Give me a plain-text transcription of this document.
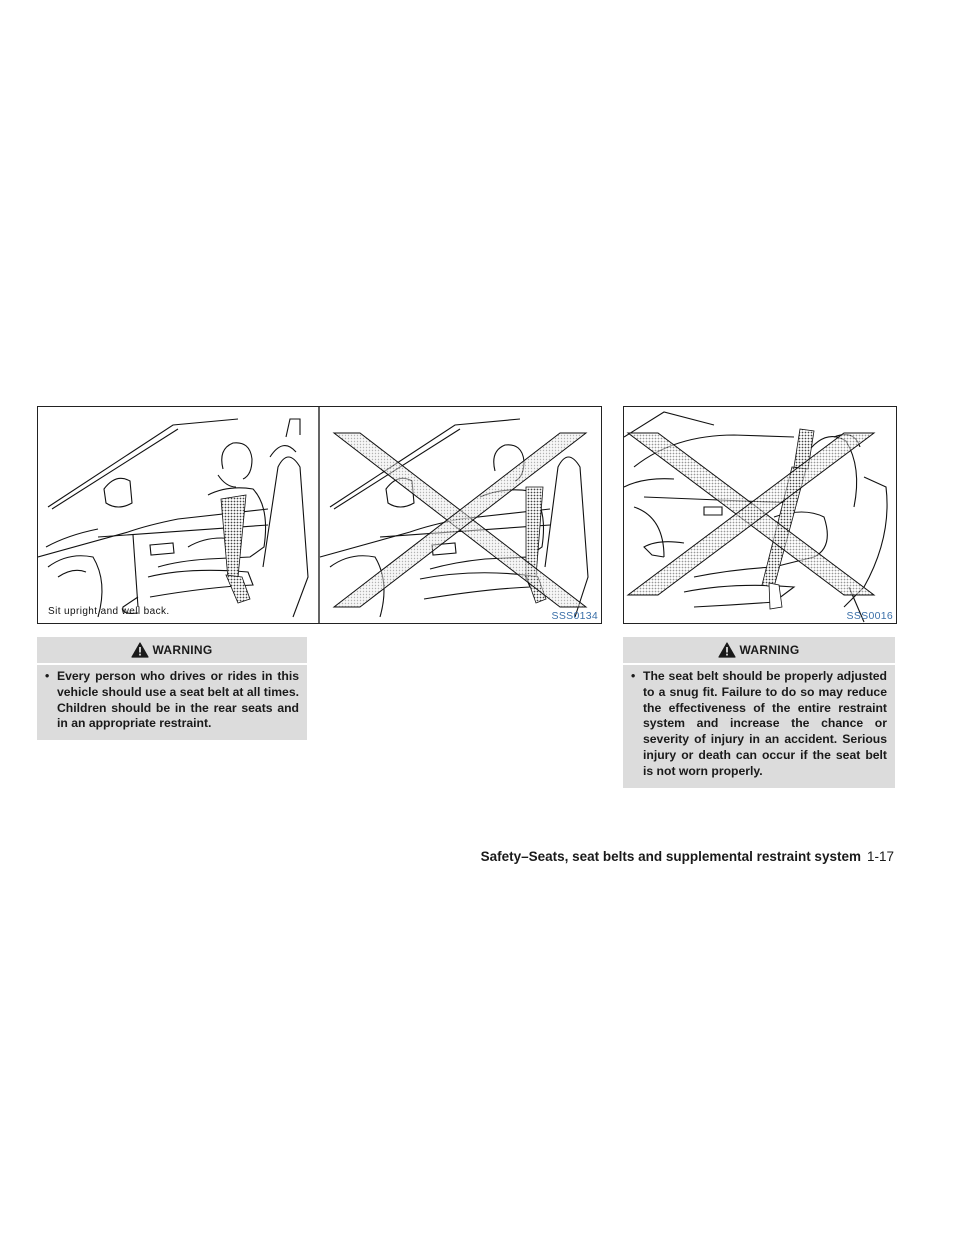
Sit upright and well back.	SSS0134	SSS0016
WARNING
• Every person who drives or rides in this vehicle should use a seat belt at all times. Children should be in the rear seats and in an appropriate restraint.
WARNING
• The seat belt should be properly adjusted to a snug fit. Failure to do so may reduce the effectiveness of the entire restraint system and increase the chance or severity of injury in an accident. Serious injury or death can occur if the seat belt is not worn properly.
Safety–Seats, seat belts and supplemental restraint system 1-17
